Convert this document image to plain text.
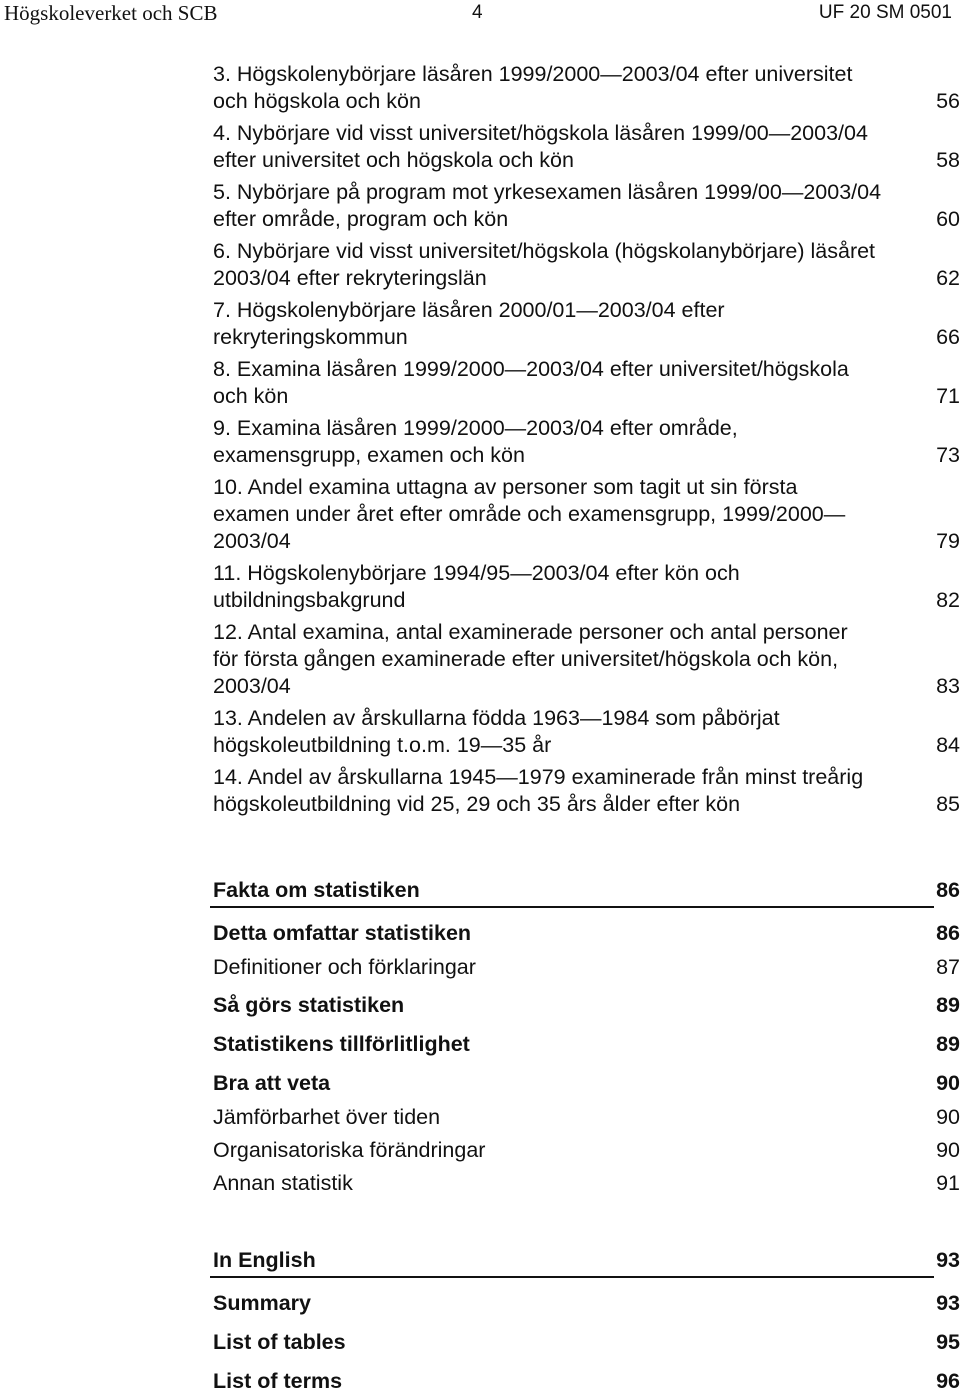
Högskoleverket och SCB	4	UF 20 SM 0501
3. Högskolenybörjare läsåren 1999/2000—2003/04 efter universitet
och högskola och kön	56
4. Nybörjare vid visst universitet/högskola läsåren 1999/00—2003/04
efter universitet och högskola och kön	58
5. Nybörjare på program mot yrkesexamen läsåren 1999/00—2003/04
efter område, program och kön	60
6. Nybörjare vid visst universitet/högskola (högskolanybörjare) läsåret
2003/04 efter rekryteringslän	62
7. Högskolenybörjare läsåren 2000/01—2003/04 efter
rekryteringskommun	66
8. Examina läsåren 1999/2000—2003/04 efter universitet/högskola
och kön	71
9. Examina läsåren 1999/2000—2003/04 efter område,
examensgrupp, examen och kön	73
10. Andel examina uttagna av personer som tagit ut sin första
examen under året efter område och examensgrupp, 1999/2000—
2003/04	79
11. Högskolenybörjare 1994/95—2003/04 efter kön och
utbildningsbakgrund	82
12. Antal examina, antal examinerade personer och antal personer
för första gången examinerade efter universitet/högskola och kön,
2003/04	83
13. Andelen av årskullarna födda 1963—1984 som påbörjat
högskoleutbildning t.o.m. 19—35 år	84
14. Andel av årskullarna 1945—1979 examinerade från minst treårig
högskoleutbildning vid 25, 29 och 35 års ålder efter kön	85
Fakta om statistiken	86
Detta omfattar statistiken	86
Definitioner och förklaringar	87
Så görs statistiken	89
Statistikens tillförlitlighet	89
Bra att veta	90
Jämförbarhet över tiden	90
Organisatoriska förändringar	90
Annan statistik	91
In English	93
Summary	93
List of tables	95
List of terms	96
